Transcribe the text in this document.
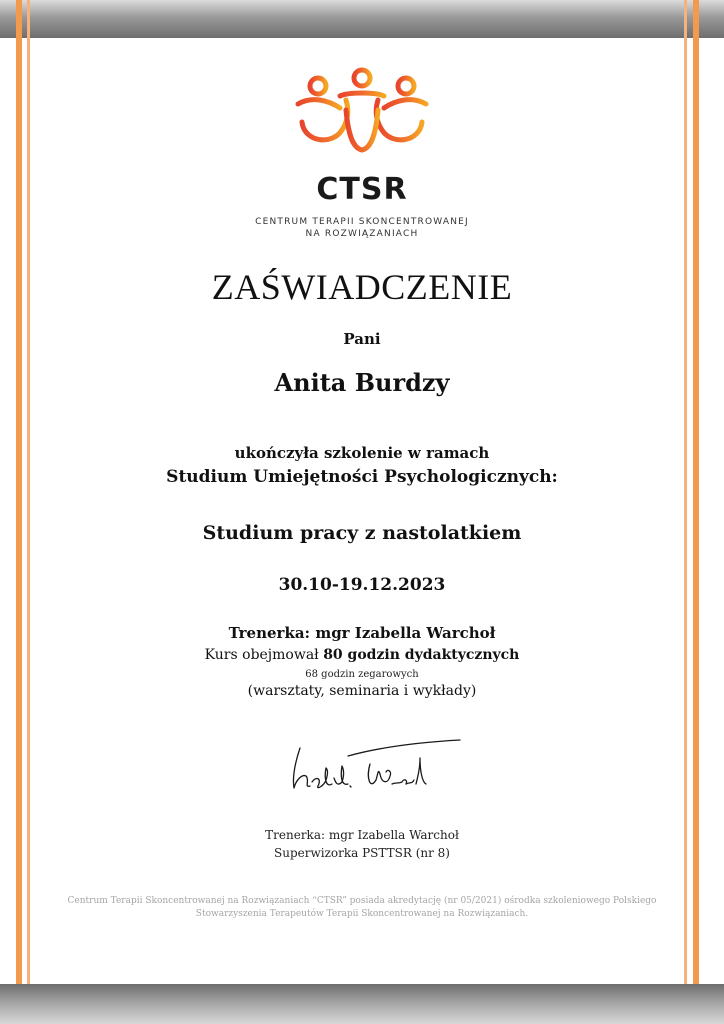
CTSR
CENTRUM TERAPII SKONCENTROWANEJ
NA ROZWIĄZANIACH
ZAŚWIADCZENIE
Pani
Anita Burdzy
ukończyła szkolenie w ramach
Studium Umiejętności Psychologicznych:
Studium pracy z nastolatkiem
30.10-19.12.2023
Trenerka: mgr Izabella Warchoł
Kurs obejmował 80 godzin dydaktycznych
68 godzin zegarowych
(warsztaty, seminaria i wykłady)
Trenerka: mgr Izabella Warchoł
Superwizorka PSTTSR (nr 8)
Centrum Terapii Skoncentrowanej na Rozwiązaniach “CTSR” posiada akredytację (nr 05/2021) ośrodka szkoleniowego Polskiego
Stowarzyszenia Terapeutów Terapii Skoncentrowanej na Rozwiązaniach.
